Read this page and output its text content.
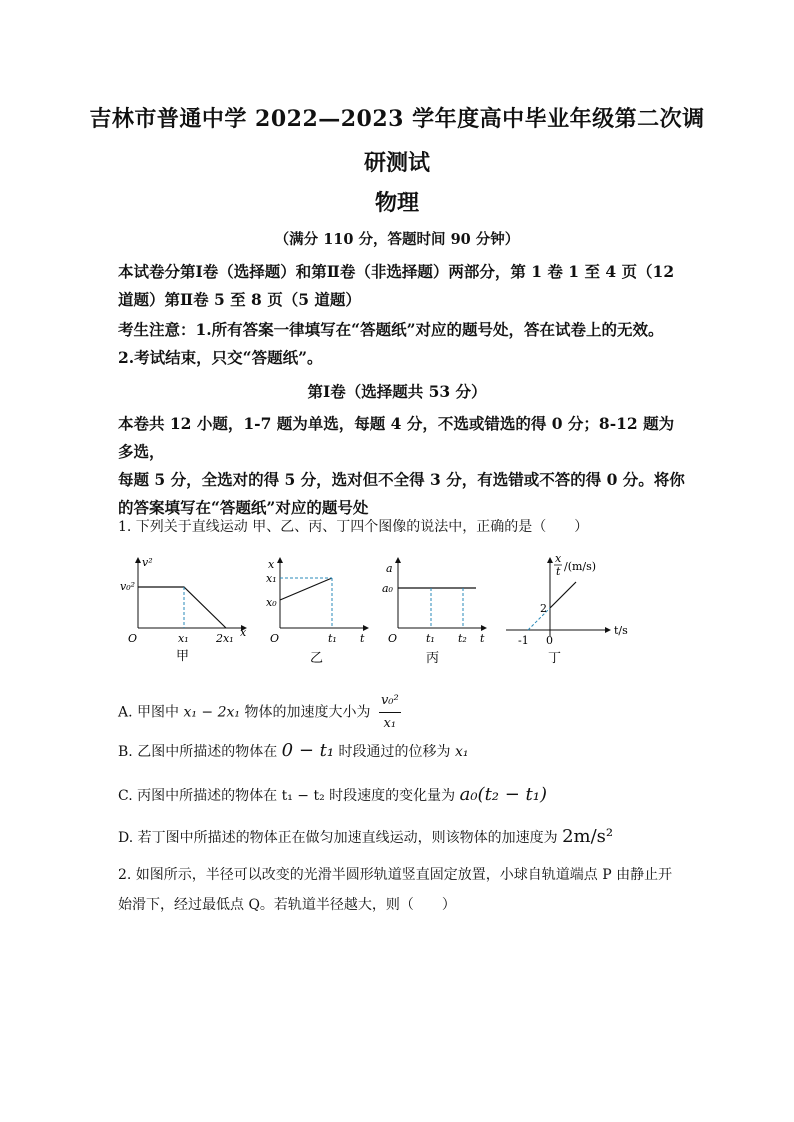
吉林市普通中学 2022—2023 学年度高中毕业年级第二次调
研测试
物理
（满分 110 分，答题时间 90 分钟）
本试卷分第Ⅰ卷（选择题）和第Ⅱ卷（非选择题）两部分，第 1 卷 1 至 4 页（12
道题）第Ⅱ卷 5 至 8 页（5 道题）
考生注意：1.所有答案一律填写在“答题纸”对应的题号处，答在试卷上的无效。
2.考试结束，只交“答题纸”。
第Ⅰ卷（选择题共 53 分）
本卷共 12 小题，1-7 题为单选，每题 4 分，不选或错选的得 0 分；8-12 题为多选，
每题 5 分，全选对的得 5 分，选对但不全得 3 分，有选错或不答的得 0 分。将你
的答案填写在“答题纸”对应的题号处
1. 下列关于直线运动 甲、乙、丙、丁四个图像的说法中，正确的是（　　）
v²
x
O
v₀²
x₁ 2x₁
甲
x
t
O
x₁
x₀
t₁
乙
a
t
O
a₀
t₁ t₂
丙
x
t /(m/s)
t/s
2
-1 0
丁
A. 甲图中 x₁ − 2x₁ 物体的加速度大小为 $\frac{\text{v₀²}}{\text{x₁}}$
B. 乙图中所描述的物体在 0 − t₁ 时段通过的位移为 x₁
C. 丙图中所描述的物体在 t₁ − t₂ 时段速度的变化量为 a₀(t₂ − t₁)
D. 若丁图中所描述的物体正在做匀加速直线运动，则该物体的加速度为 2m/s²
2. 如图所示，半径可以改变的光滑半圆形轨道竖直固定放置，小球自轨道端点 P 由静止开
始滑下，经过最低点 Q。若轨道半径越大，则（　　）
